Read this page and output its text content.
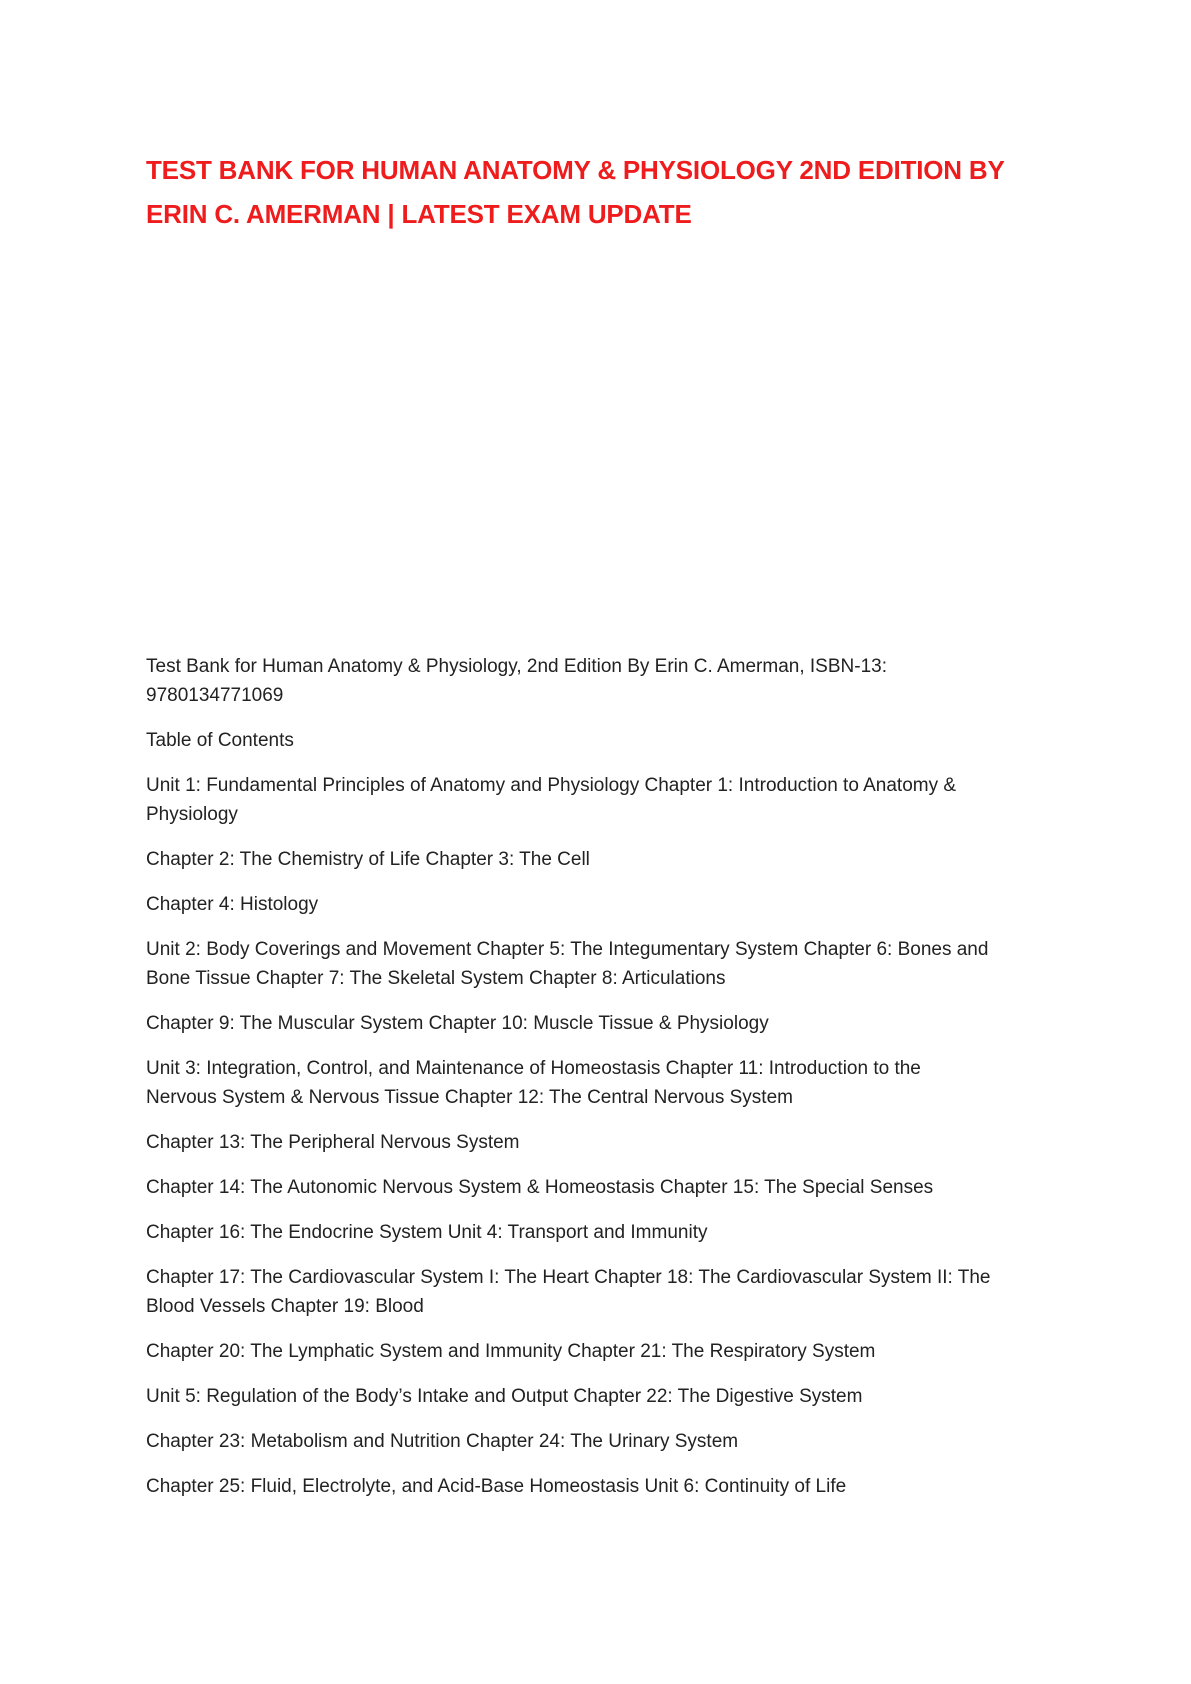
TEST BANK FOR HUMAN ANATOMY & PHYSIOLOGY 2ND EDITION BY
ERIN C. AMERMAN | LATEST EXAM UPDATE

Test Bank for Human Anatomy & Physiology, 2nd Edition By Erin C. Amerman, ISBN-13:
9780134771069

Table of Contents

Unit 1: Fundamental Principles of Anatomy and Physiology Chapter 1: Introduction to Anatomy &
Physiology

Chapter 2: The Chemistry of Life Chapter 3: The Cell

Chapter 4: Histology

Unit 2: Body Coverings and Movement Chapter 5: The Integumentary System Chapter 6: Bones and
Bone Tissue Chapter 7: The Skeletal System Chapter 8: Articulations

Chapter 9: The Muscular System Chapter 10: Muscle Tissue & Physiology

Unit 3: Integration, Control, and Maintenance of Homeostasis Chapter 11: Introduction to the
Nervous System & Nervous Tissue Chapter 12: The Central Nervous System

Chapter 13: The Peripheral Nervous System

Chapter 14: The Autonomic Nervous System & Homeostasis Chapter 15: The Special Senses

Chapter 16: The Endocrine System Unit 4: Transport and Immunity

Chapter 17: The Cardiovascular System I: The Heart Chapter 18: The Cardiovascular System II: The
Blood Vessels Chapter 19: Blood

Chapter 20: The Lymphatic System and Immunity Chapter 21: The Respiratory System

Unit 5: Regulation of the Body’s Intake and Output Chapter 22: The Digestive System

Chapter 23: Metabolism and Nutrition Chapter 24: The Urinary System

Chapter 25: Fluid, Electrolyte, and Acid-Base Homeostasis Unit 6: Continuity of Life
